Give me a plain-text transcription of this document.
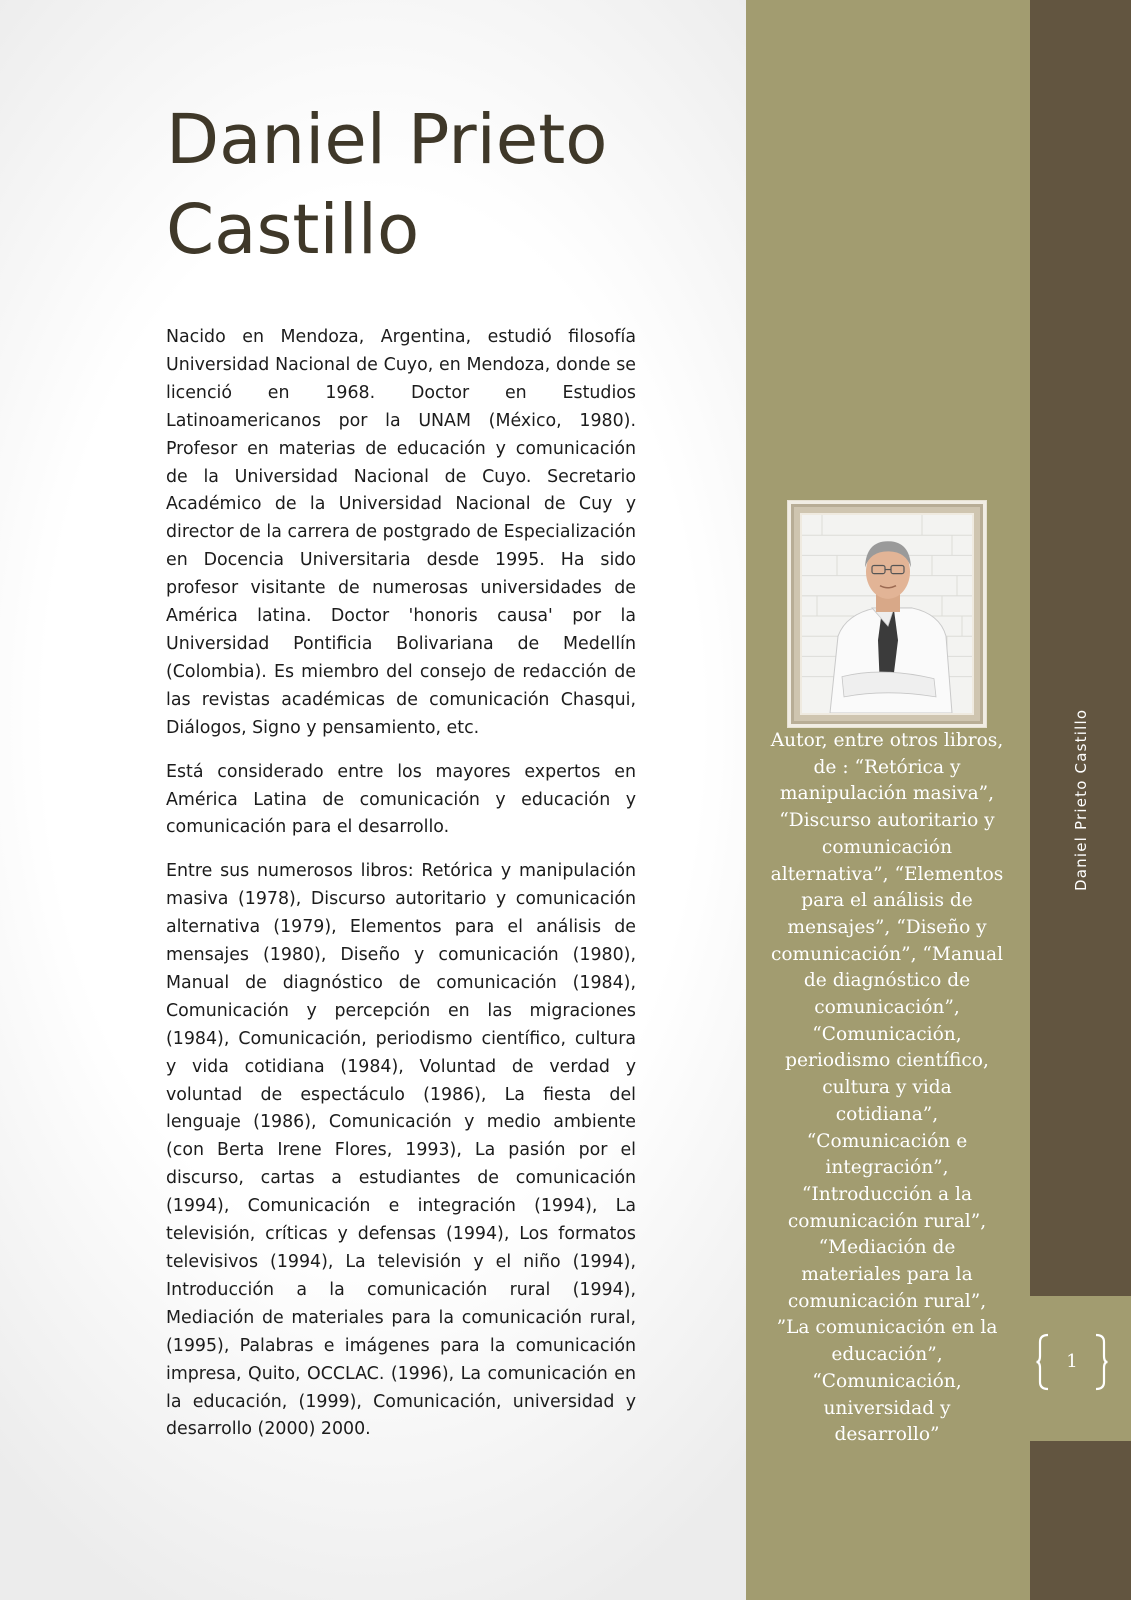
Daniel Prieto
Castillo

Nacido en Mendoza, Argentina, estudió filosofía Universidad Nacional de Cuyo, en Mendoza, donde se licenció en 1968. Doctor en Estudios Latinoamericanos por la UNAM (México, 1980). Profesor en materias de educación y comunicación de la Universidad Nacional de Cuyo. Secretario Académico de la Universidad Nacional de Cuy y director de la carrera de postgrado de Especialización en Docencia Universitaria desde 1995. Ha sido profesor visitante de numerosas universidades de América latina. Doctor 'honoris causa' por la Universidad Pontificia Bolivariana de Medellín (Colombia). Es miembro del consejo de redacción de las revistas académicas de comunicación Chasqui, Diálogos, Signo y pensamiento, etc.

Está considerado entre los mayores expertos en América Latina de comunicación y educación y comunicación para el desarrollo.

Entre sus numerosos libros: Retórica y manipulación masiva (1978), Discurso autoritario y comunicación alternativa (1979), Elementos para el análisis de mensajes (1980), Diseño y comunicación (1980), Manual de diagnóstico de comunicación (1984), Comunicación y percepción en las migraciones (1984), Comunicación, periodismo científico, cultura y vida cotidiana (1984), Voluntad de verdad y voluntad de espectáculo (1986), La fiesta del lenguaje (1986), Comunicación y medio ambiente (con Berta Irene Flores, 1993), La pasión por el discurso, cartas a estudiantes de comunicación (1994), Comunicación e integración (1994), La televisión, críticas y defensas (1994), Los formatos televisivos (1994), La televisión y el niño (1994), Introducción a la comunicación rural (1994), Mediación de materiales para la comunicación rural, (1995), Palabras e imágenes para la comunicación impresa, Quito, OCCLAC. (1996), La comunicación en la educación, (1999), Comunicación, universidad y desarrollo (2000) 2000.

Autor, entre otros libros, de : “Retórica y manipulación masiva”, “Discurso autoritario y comunicación alternativa”, “Elementos para el análisis de mensajes”, “Diseño y comunicación”, “Manual de diagnóstico de comunicación”, “Comunicación, periodismo científico, cultura y vida cotidiana”, “Comunicación e integración”, “Introducción a la comunicación rural”, “Mediación de materiales para la comunicación rural”, ”La comunicación en la educación”, “Comunicación, universidad y desarrollo”
Daniel Prieto Castillo
1
